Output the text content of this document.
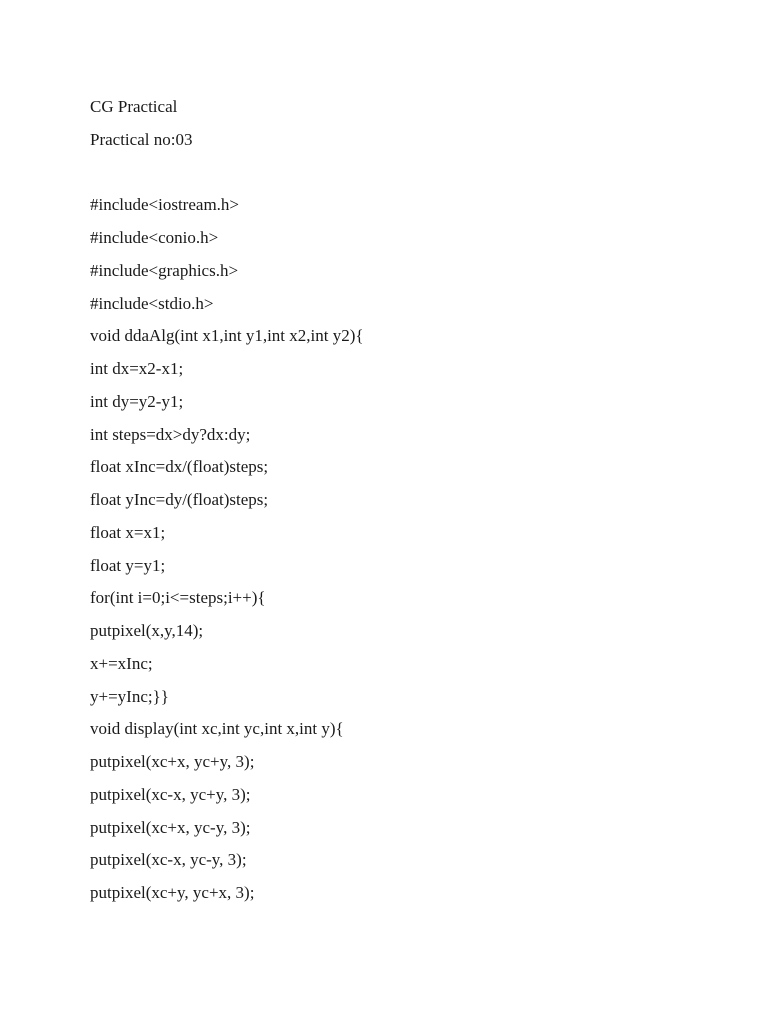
CG Practical

Practical no:03

#include<iostream.h>

#include<conio.h>

#include<graphics.h>

#include<stdio.h>

void ddaAlg(int x1,int y1,int x2,int y2){

int dx=x2-x1;

int dy=y2-y1;

int steps=dx>dy?dx:dy;

float xInc=dx/(float)steps;

float yInc=dy/(float)steps;

float x=x1;

float y=y1;

for(int i=0;i<=steps;i++){

putpixel(x,y,14);

x+=xInc;

y+=yInc;}}

void display(int xc,int yc,int x,int y){

putpixel(xc+x, yc+y, 3);

putpixel(xc-x, yc+y, 3);

putpixel(xc+x, yc-y, 3);

putpixel(xc-x, yc-y, 3);

putpixel(xc+y, yc+x, 3);
